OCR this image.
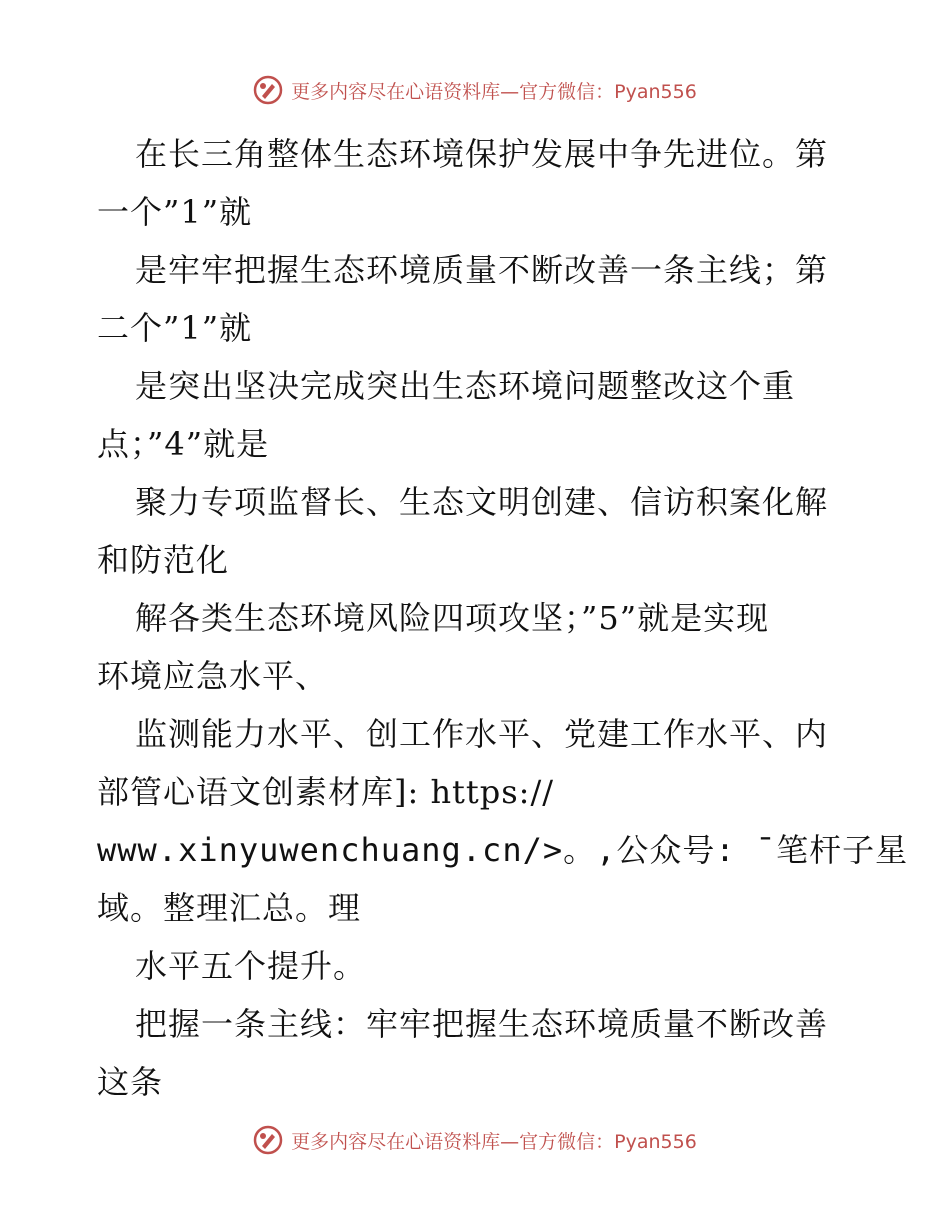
更多内容尽在心语资料库—官方微信：Pyan556
在长三角整体生态环境保护发展中争先进位。第
一个”1”就
是牢牢把握生态环境质量不断改善一条主线；第
二个”1”就
是突出坚决完成突出生态环境问题整改这个重
点；”4”就是
聚力专项监督长、生态文明创建、信访积案化解
和防范化
解各类生态环境风险四项攻坚；”5”就是实现
环境应急水平、
监测能力水平、创工作水平、党建工作水平、内
部管心语文创素材库]: https://
www.xinyuwenchuang.cn/>。,公众号: ¯笔杆子星
域。整理汇总。理
水平五个提升。
把握一条主线：牢牢把握生态环境质量不断改善
这条
更多内容尽在心语资料库—官方微信：Pyan556
